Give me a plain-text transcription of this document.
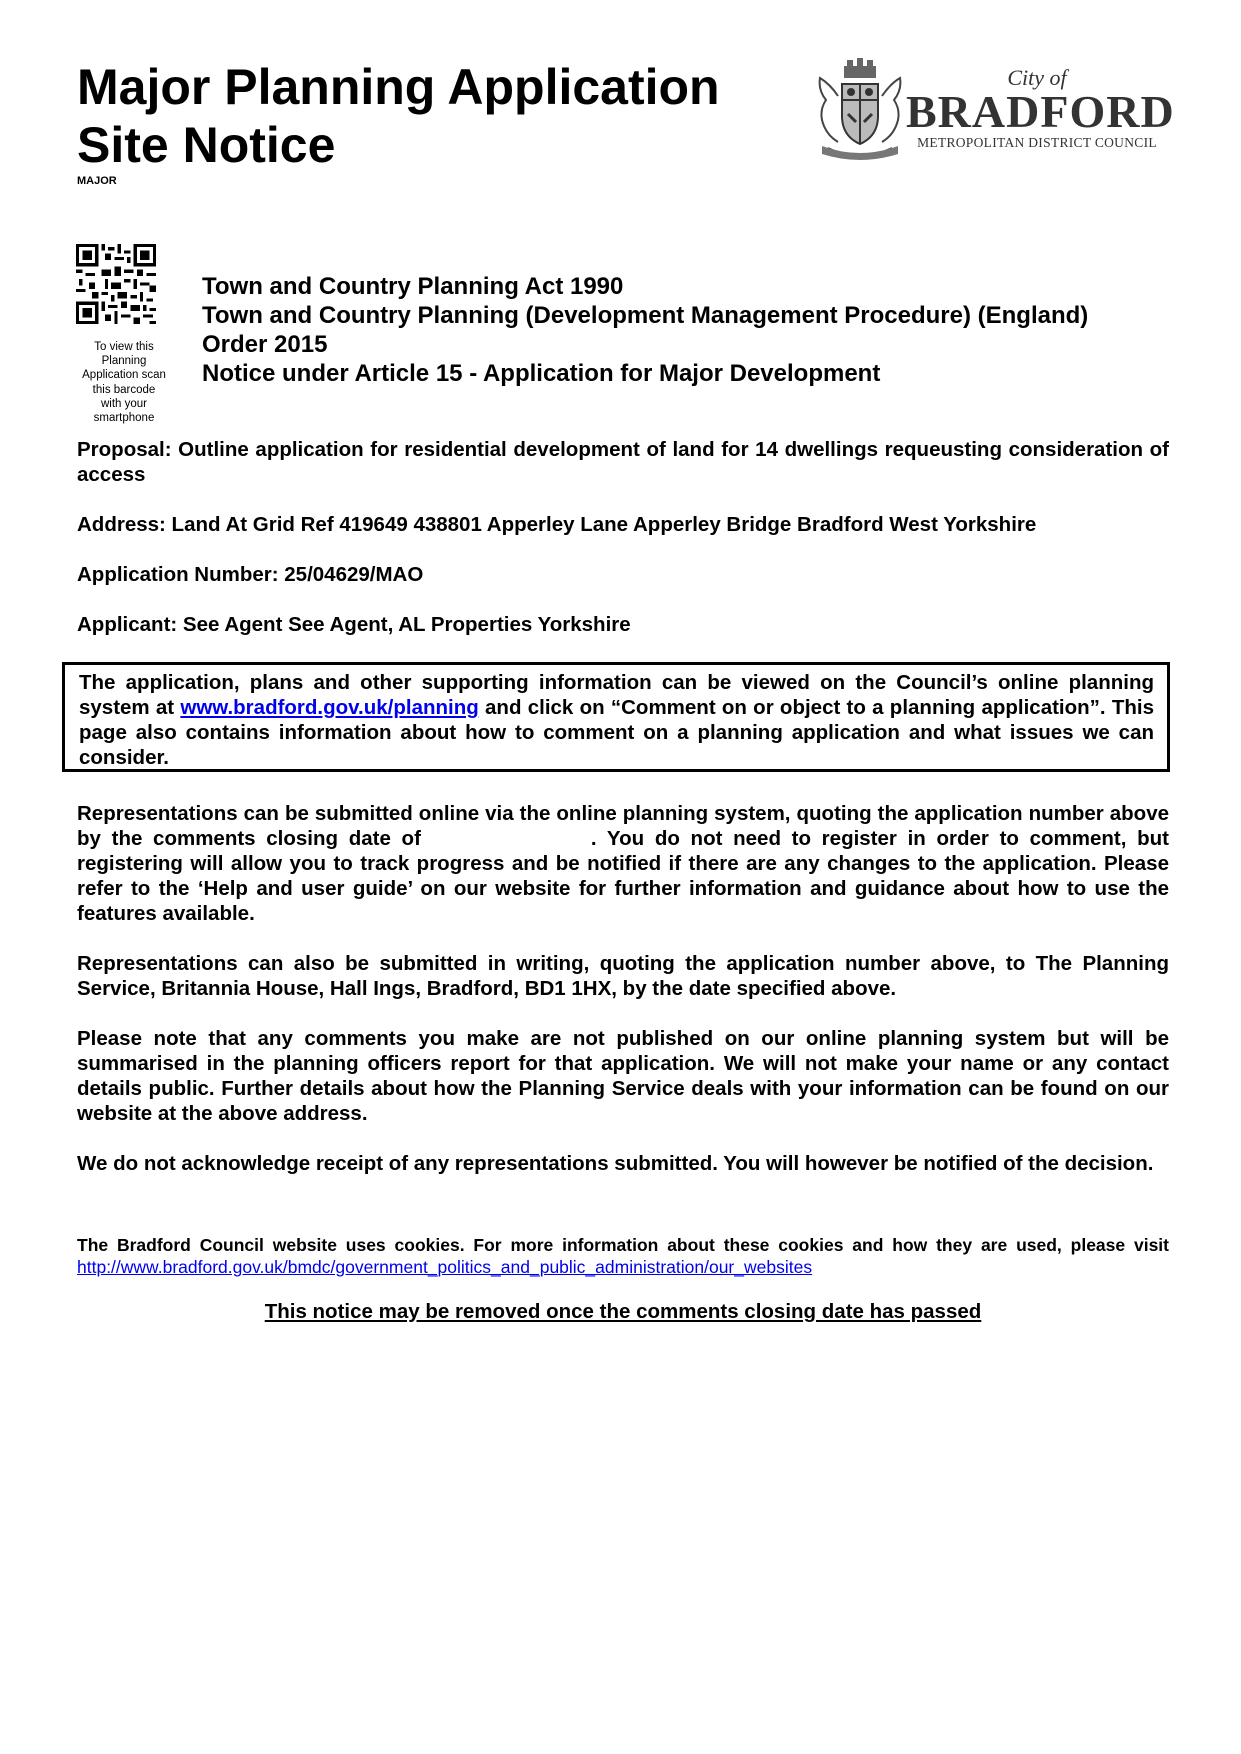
Major Planning Application
Site Notice
MAJOR
City of
BRADFORD
METROPOLITAN DISTRICT COUNCIL
To view this
Planning
Application scan
this barcode
with your
smartphone
Town and Country Planning Act 1990
Town and Country Planning (Development Management Procedure) (England)
Order 2015
Notice under Article 15 - Application for Major Development

Proposal: Outline application for residential development of land for 14 dwellings requeusting consideration of access

Address: Land At Grid Ref 419649 438801 Apperley Lane Apperley Bridge Bradford West Yorkshire

Application Number: 25/04629/MAO

Applicant: See Agent See Agent, AL Properties Yorkshire

The application, plans and other supporting information can be viewed on the Council’s online planning system at www.bradford.gov.uk/planning and click on “Comment on or object to a planning application”. This page also contains information about how to comment on a planning application and what issues we can consider.

Representations can be submitted online via the online planning system, quoting the application number above by the comments closing date of	. You do not need to register in order to comment, but registering will allow you to track progress and be notified if there are any changes to the application. Please refer to the ‘Help and user guide’ on our website for further information and guidance about how to use the features available.

Representations can also be submitted in writing, quoting the application number above, to The Planning Service, Britannia House, Hall Ings, Bradford, BD1 1HX, by the date specified above.

Please note that any comments you make are not published on our online planning system but will be summarised in the planning officers report for that application. We will not make your name or any contact details public. Further details about how the Planning Service deals with your information can be found on our website at the above address.

We do not acknowledge receipt of any representations submitted. You will however be notified of the decision.

The Bradford Council website uses cookies. For more information about these cookies and how they are used, please visit http://www.bradford.gov.uk/bmdc/government_politics_and_public_administration/our_websites
This notice may be removed once the comments closing date has passed
